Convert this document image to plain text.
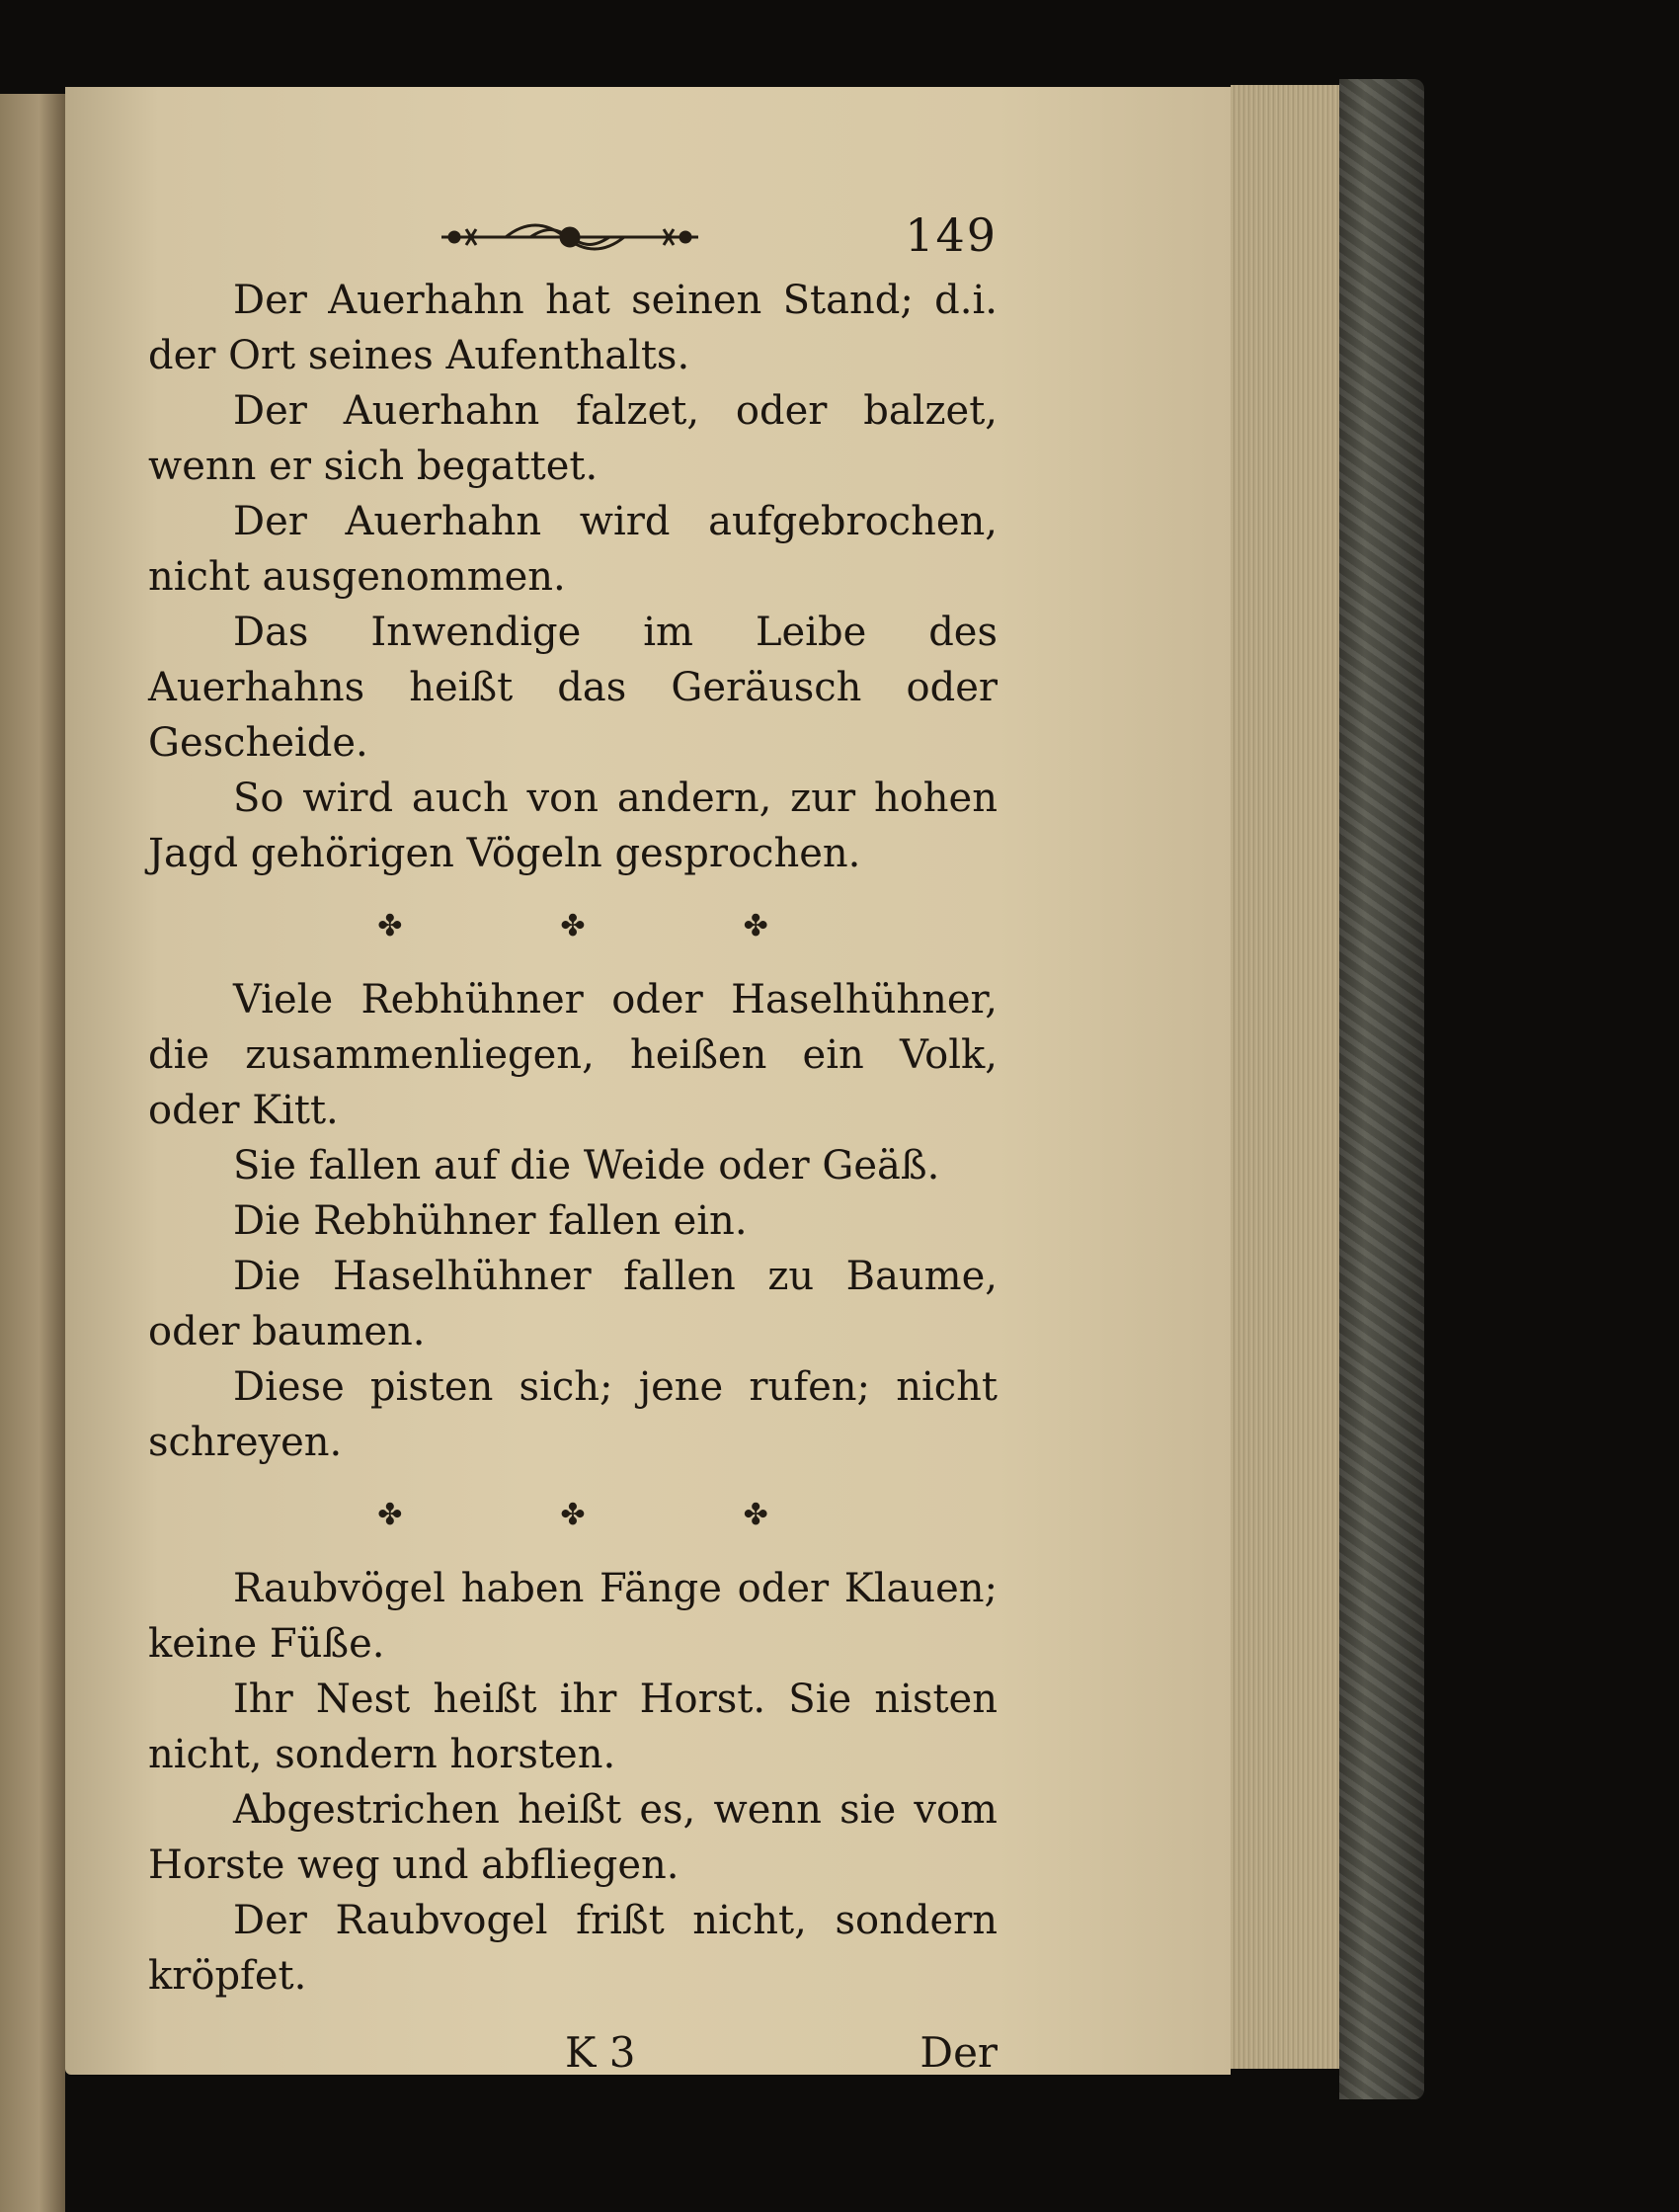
149

Der Auerhahn hat seinen Stand; d.i. der Ort seines Aufenthalts.

Der Auerhahn falzet, oder balzet, wenn er sich begattet.

Der Auerhahn wird aufgebrochen, nicht ausgenommen.

Das Inwendige im Leibe des Auerhahns heißt das Geräusch oder Gescheide.

So wird auch von andern, zur hohen Jagd gehörigen Vögeln gesprochen.

✤	✤	✤

Viele Rebhühner oder Haselhühner, die zusammenliegen, heißen ein Volk, oder Kitt.

Sie fallen auf die Weide oder Geäß.

Die Rebhühner fallen ein.

Die Haselhühner fallen zu Baume, oder baumen.

Diese pisten sich; jene rufen; nicht schreyen.

✤	✤	✤

Raubvögel haben Fänge oder Klauen; keine Füße.

Ihr Nest heißt ihr Horst. Sie nisten nicht, sondern horsten.

Abgestrichen heißt es, wenn sie vom Horste weg und abfliegen.

Der Raubvogel frißt nicht, sondern kröpfet.

K 3	Der
